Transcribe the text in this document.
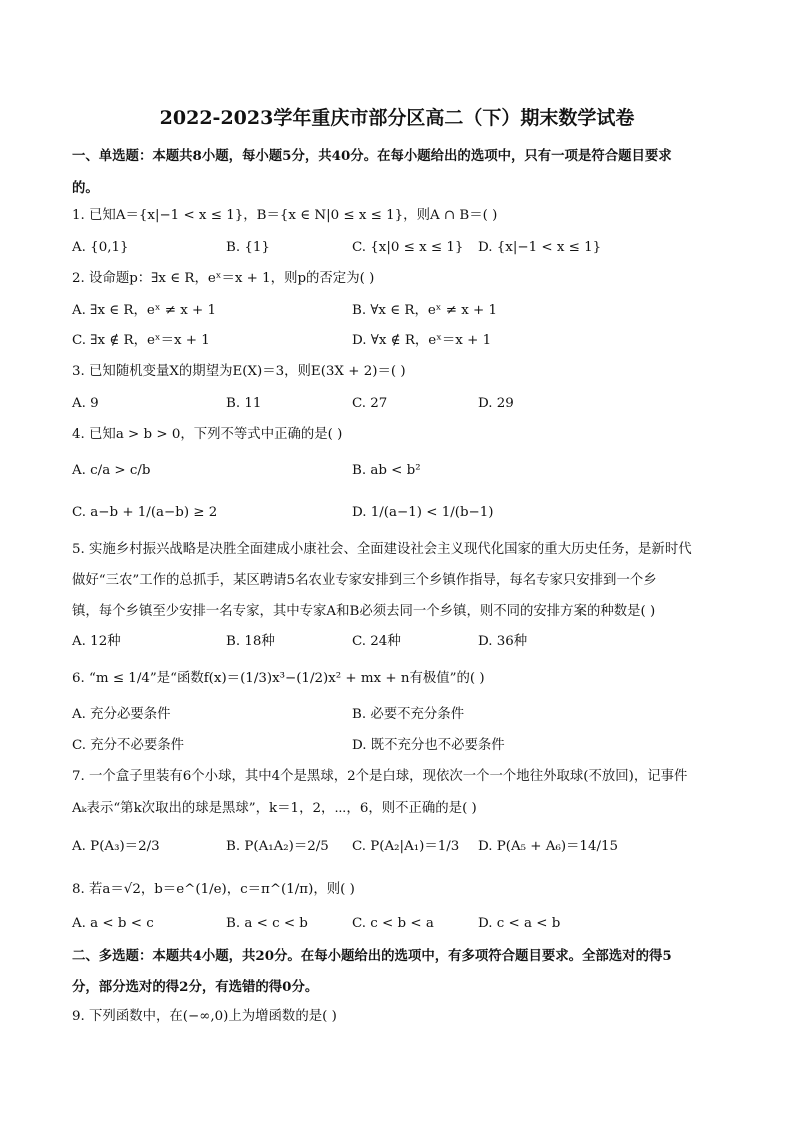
2022-2023学年重庆市部分区高二（下）期末数学试卷
一、单选题：本题共8小题，每小题5分，共40分。在每小题给出的选项中，只有一项是符合题目要求
的。
1. 已知A＝{x|−1 < x ≤ 1}，B＝{x ∈ N|0 ≤ x ≤ 1}，则A ∩ B＝( )
A. {0,1}	B. {1}	C. {x|0 ≤ x ≤ 1} D. {x|−1 < x ≤ 1}
2. 设命题p：∃x ∈ R，eˣ＝x + 1，则p的否定为( )
A. ∃x ∈ R，eˣ ≠ x + 1	B. ∀x ∈ R，eˣ ≠ x + 1
C. ∃x ∉ R，eˣ＝x + 1	D. ∀x ∉ R，eˣ＝x + 1
3. 已知随机变量X的期望为E(X)＝3，则E(3X + 2)＝( )
A. 9	B. 11	C. 27	D. 29
4. 已知a > b > 0，下列不等式中正确的是( )
A. c/a > c/b	B. ab < b²
C. a−b + 1/(a−b) ≥ 2	D. 1/(a−1) < 1/(b−1)
5. 实施乡村振兴战略是决胜全面建成小康社会、全面建设社会主义现代化国家的重大历史任务，是新时代
做好“三农”工作的总抓手，某区聘请5名农业专家安排到三个乡镇作指导，每名专家只安排到一个乡
镇，每个乡镇至少安排一名专家，其中专家A和B必须去同一个乡镇，则不同的安排方案的种数是( )
A. 12种	B. 18种	C. 24种	D. 36种
6. “m ≤ 1/4”是“函数f(x)＝(1/3)x³−(1/2)x² + mx + n有极值”的( )
A. 充分必要条件	B. 必要不充分条件
C. 充分不必要条件	D. 既不充分也不必要条件
7. 一个盒子里装有6个小球，其中4个是黑球，2个是白球，现依次一个一个地往外取球(不放回)，记事件
Aₖ表示“第k次取出的球是黑球”，k＝1，2，⋯，6，则不正确的是( )
A. P(A₃)＝2/3	B. P(A₁A₂)＝2/5 C. P(A₂|A₁)＝1/3 D. P(A₅ + A₆)＝14/15
8. 若a＝√2，b＝e^(1/e)，c＝π^(1/π)，则( )
A. a < b < c	B. a < c < b	C. c < b < a	D. c < a < b
二、多选题：本题共4小题，共20分。在每小题给出的选项中，有多项符合题目要求。全部选对的得5
分，部分选对的得2分，有选错的得0分。
9. 下列函数中，在(−∞,0)上为增函数的是( )
